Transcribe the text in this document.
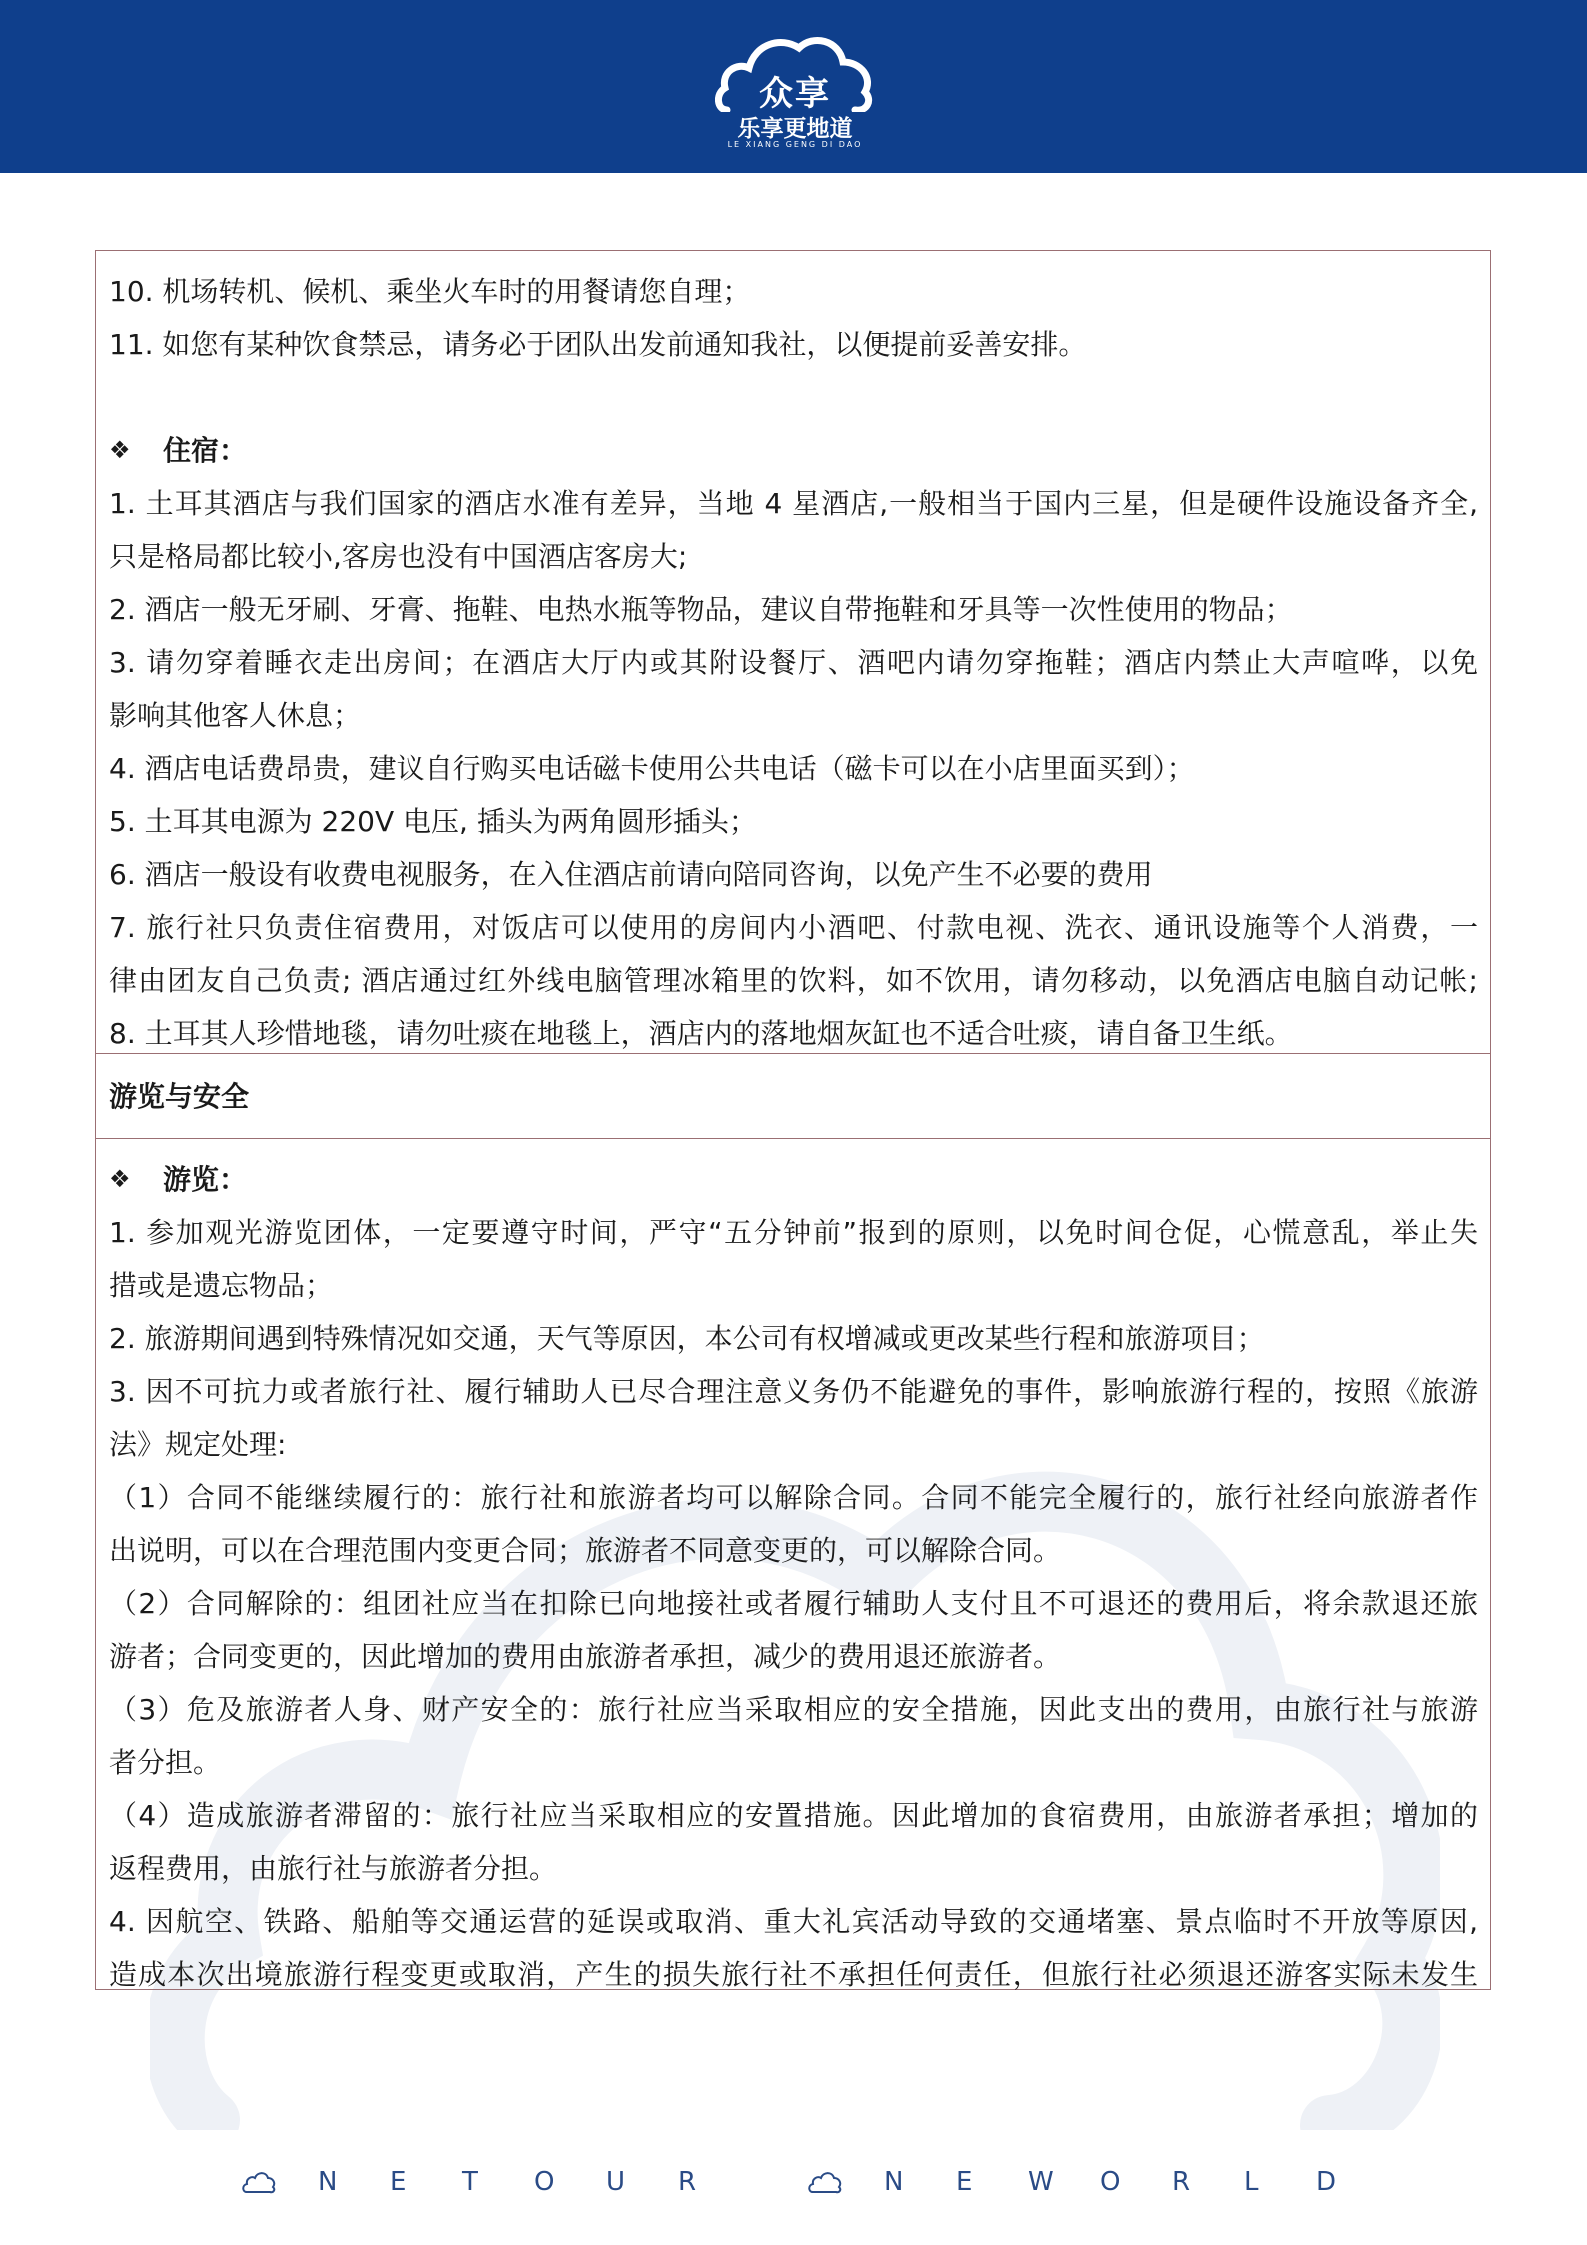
众享
乐享更地道
LE XIANG GENG DI DAO
10. 机场转机、候机、乘坐火车时的用餐请您自理；
11. 如您有某种饮食禁忌，请务必于团队出发前通知我社，以便提前妥善安排。
❖	住宿：
1. 土耳其酒店与我们国家的酒店水准有差异，当地 4 星酒店,一般相当于国内三星，但是硬件设施设备齐全,
只是格局都比较小,客房也没有中国酒店客房大;
2. 酒店一般无牙刷、牙膏、拖鞋、电热水瓶等物品，建议自带拖鞋和牙具等一次性使用的物品；
3. 请勿穿着睡衣走出房间；在酒店大厅内或其附设餐厅、酒吧内请勿穿拖鞋；酒店内禁止大声喧哗，以免
影响其他客人休息；
4. 酒店电话费昂贵，建议自行购买电话磁卡使用公共电话（磁卡可以在小店里面买到）；
5. 土耳其电源为 220V 电压, 插头为两角圆形插头；
6. 酒店一般设有收费电视服务，在入住酒店前请向陪同咨询，以免产生不必要的费用
7. 旅行社只负责住宿费用，对饭店可以使用的房间内小酒吧、付款电视、洗衣、通讯设施等个人消费，一
律由团友自己负责; 酒店通过红外线电脑管理冰箱里的饮料，如不饮用，请勿移动，以免酒店电脑自动记帐;
8. 土耳其人珍惜地毯，请勿吐痰在地毯上，酒店内的落地烟灰缸也不适合吐痰，请自备卫生纸。
游览与安全
❖	游览：
1. 参加观光游览团体，一定要遵守时间，严守“五分钟前”报到的原则，以免时间仓促，心慌意乱，举止失
措或是遗忘物品；
2. 旅游期间遇到特殊情况如交通，天气等原因，本公司有权增减或更改某些行程和旅游项目；
3. 因不可抗力或者旅行社、履行辅助人已尽合理注意义务仍不能避免的事件，影响旅游行程的，按照《旅游
法》规定处理:
（1）合同不能继续履行的：旅行社和旅游者均可以解除合同。合同不能完全履行的，旅行社经向旅游者作
出说明，可以在合理范围内变更合同；旅游者不同意变更的，可以解除合同。
（2）合同解除的：组团社应当在扣除已向地接社或者履行辅助人支付且不可退还的费用后，将余款退还旅
游者；合同变更的，因此增加的费用由旅游者承担，减少的费用退还旅游者。
（3）危及旅游者人身、财产安全的：旅行社应当采取相应的安全措施，因此支出的费用，由旅行社与旅游
者分担。
（4）造成旅游者滞留的：旅行社应当采取相应的安置措施。因此增加的食宿费用，由旅游者承担；增加的
返程费用，由旅行社与旅游者分担。
4. 因航空、铁路、船舶等交通运营的延误或取消、重大礼宾活动导致的交通堵塞、景点临时不开放等原因,
造成本次出境旅游行程变更或取消，产生的损失旅行社不承担任何责任，但旅行社必须退还游客实际未发生
N	E	T	O	U	R	N	E	W	O	R	L	D
